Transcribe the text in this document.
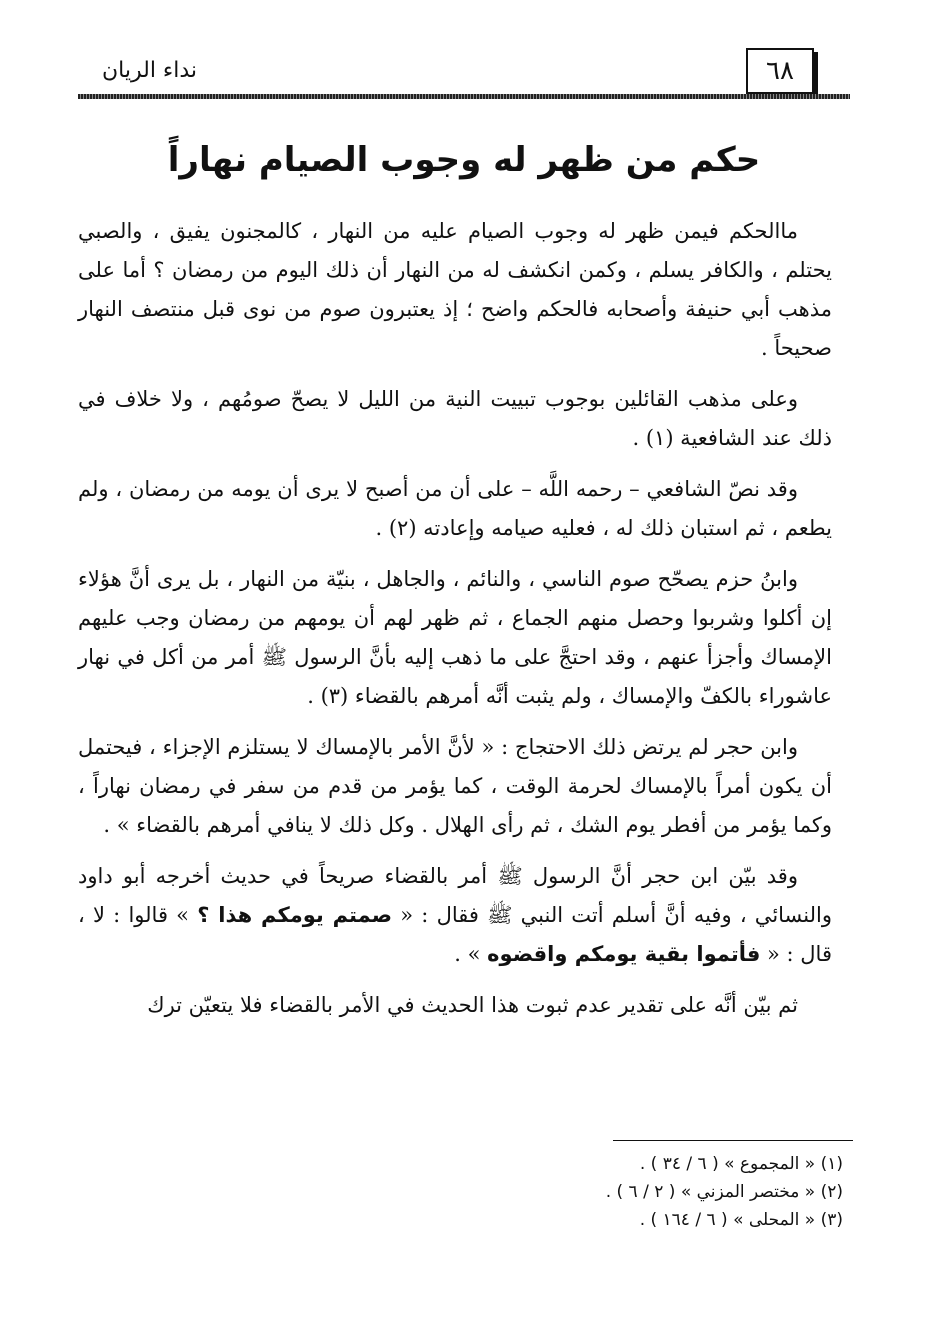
٦٨
نداء الريان
حكم من ظهر له وجوب الصيام نهاراً

ماالحكم فيمن ظهر له وجوب الصيام عليه من النهار ، كالمجنون يفيق ، والصبي يحتلم ، والكافر يسلم ، وكمن انكشف له من النهار أن ذلك اليوم من رمضان ؟ أما على مذهب أبي حنيفة وأصحابه فالحكم واضح ؛ إذ يعتبرون صوم من نوى قبل منتصف النهار صحيحاً .

وعلى مذهب القائلين بوجوب تبييت النية من الليل لا يصحّ صومُهم ، ولا خلاف في ذلك عند الشافعية (١) .

وقد نصّ الشافعي – رحمه اللَّه – على أن من أصبح لا يرى أن يومه من رمضان ، ولم يطعم ، ثم استبان ذلك له ، فعليه صيامه وإعادته (٢) .

وابنُ حزم يصحّح صوم الناسي ، والنائم ، والجاهل ، بنيّة من النهار ، بل يرى أنَّ هؤلاء إن أكلوا وشربوا وحصل منهم الجماع ، ثم ظهر لهم أن يومهم من رمضان وجب عليهم الإمساك وأجزأ عنهم ، وقد احتجَّ على ما ذهب إليه بأنَّ الرسول ﷺ أمر من أكل في نهار عاشوراء بالكفّ والإمساك ، ولم يثبت أنَّه أمرهم بالقضاء (٣) .

وابن حجر لم يرتض ذلك الاحتجاج : « لأنَّ الأمر بالإمساك لا يستلزم الإجزاء ، فيحتمل أن يكون أمراً بالإمساك لحرمة الوقت ، كما يؤمر من قدم من سفر في رمضان نهاراً ، وكما يؤمر من أفطر يوم الشك ، ثم رأى الهلال . وكل ذلك لا ينافي أمرهم بالقضاء » .

وقد بيّن ابن حجر أنَّ الرسول ﷺ أمر بالقضاء صريحاً في حديث أخرجه أبو داود والنسائي ، وفيه أنَّ أسلم أتت النبي ﷺ فقال : « صمتم يومكم هذا ؟ » قالوا : لا ، قال : « فأتموا بقية يومكم واقضوه » .

ثم بيّن أنَّه على تقدير عدم ثبوت هذا الحديث في الأمر بالقضاء فلا يتعيّن ترك

(١) « المجموع » ( ٦ / ٣٤ ) .
(٢) « مختصر المزني » ( ٢ / ٦ ) .
(٣) « المحلى » ( ٦ / ١٦٤ ) .
